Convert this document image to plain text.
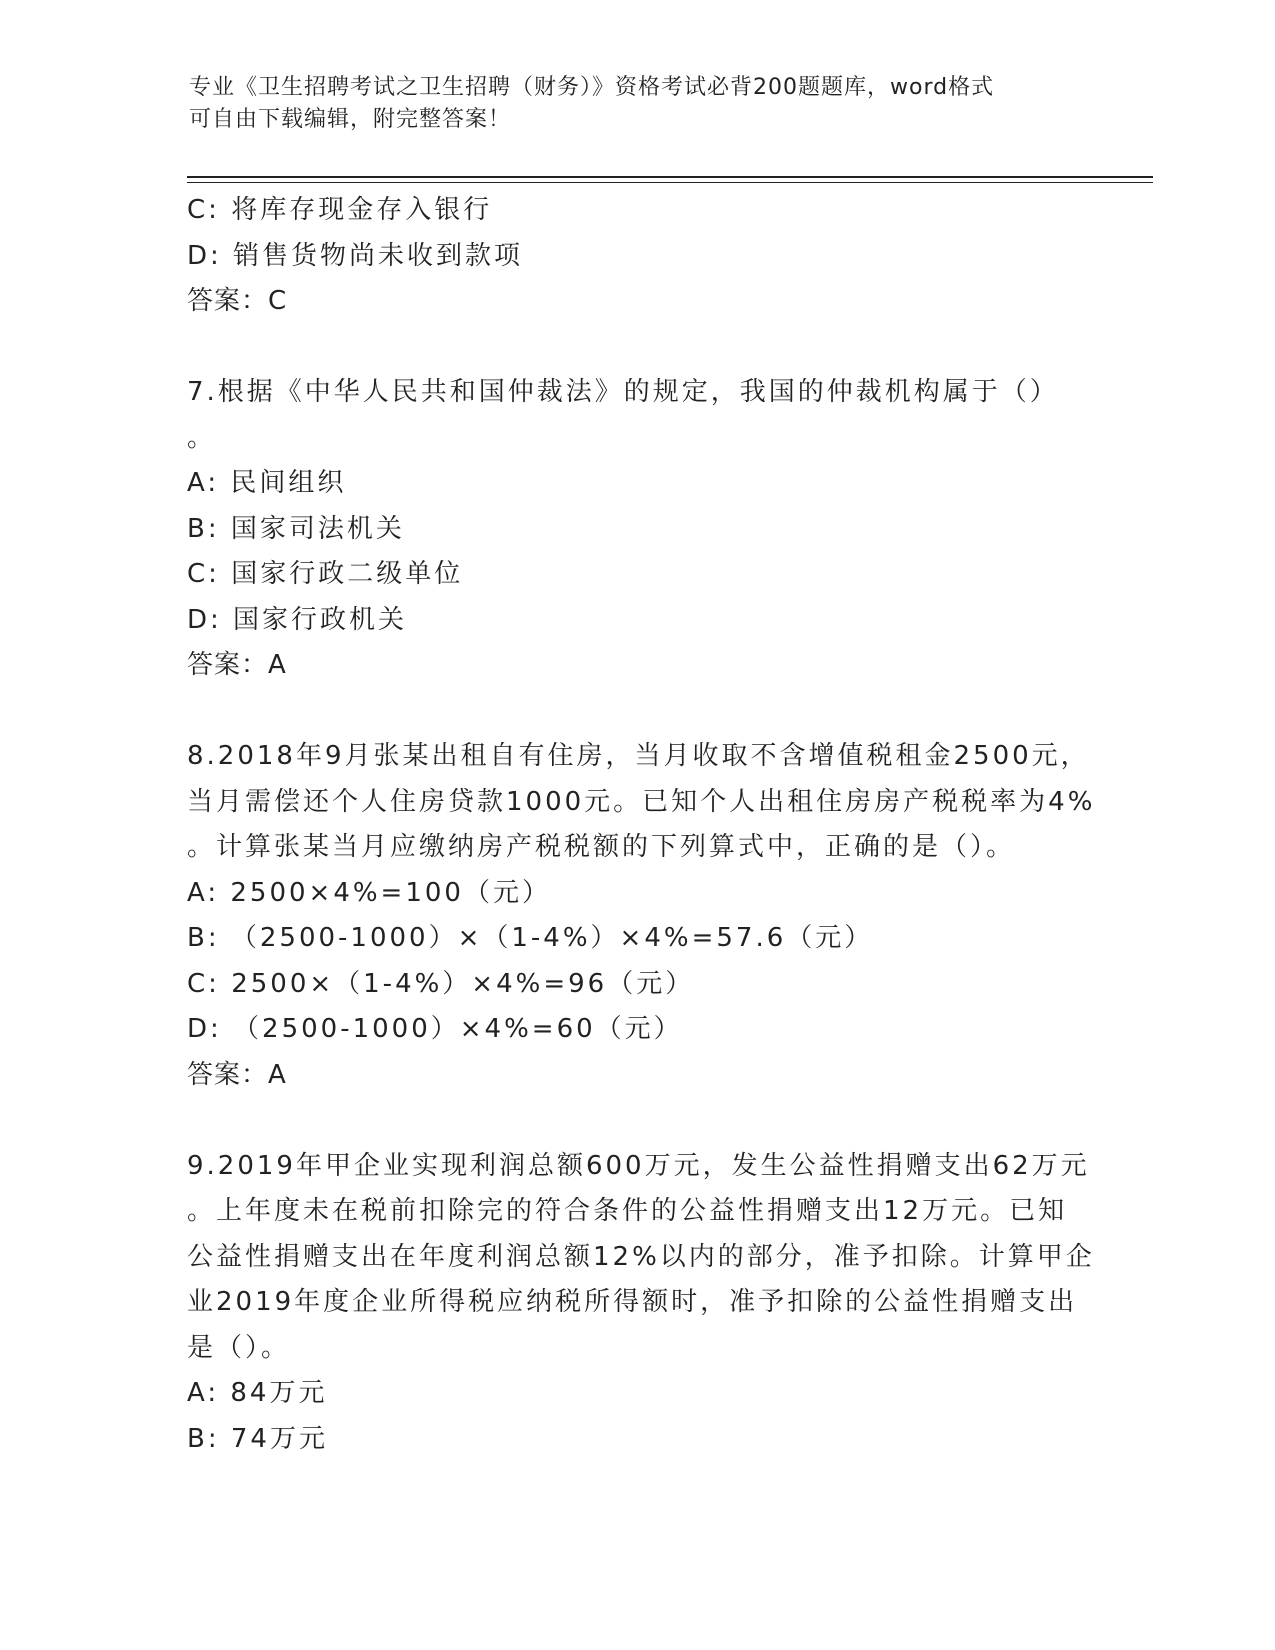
专业《卫生招聘考试之卫生招聘（财务）》资格考试必背200题题库，word格式
可自由下载编辑，附完整答案！
C: 将库存现金存入银行
D: 销售货物尚未收到款项
答案：C
7.根据《中华人民共和国仲裁法》的规定，我国的仲裁机构属于（）
。
A: 民间组织
B: 国家司法机关
C: 国家行政二级单位
D: 国家行政机关
答案：A
8.2018年9月张某出租自有住房，当月收取不含增值税租金2500元，
当月需偿还个人住房贷款1000元。已知个人出租住房房产税税率为4%
。计算张某当月应缴纳房产税税额的下列算式中，正确的是（）。
A: 2500×4%=100（元）
B: （2500-1000）×（1-4%）×4%=57.6（元）
C: 2500×（1-4%）×4%=96（元）
D: （2500-1000）×4%=60（元）
答案：A
9.2019年甲企业实现利润总额600万元，发生公益性捐赠支出62万元
。上年度未在税前扣除完的符合条件的公益性捐赠支出12万元。已知
公益性捐赠支出在年度利润总额12%以内的部分，准予扣除。计算甲企
业2019年度企业所得税应纳税所得额时，准予扣除的公益性捐赠支出
是（）。
A: 84万元
B: 74万元
